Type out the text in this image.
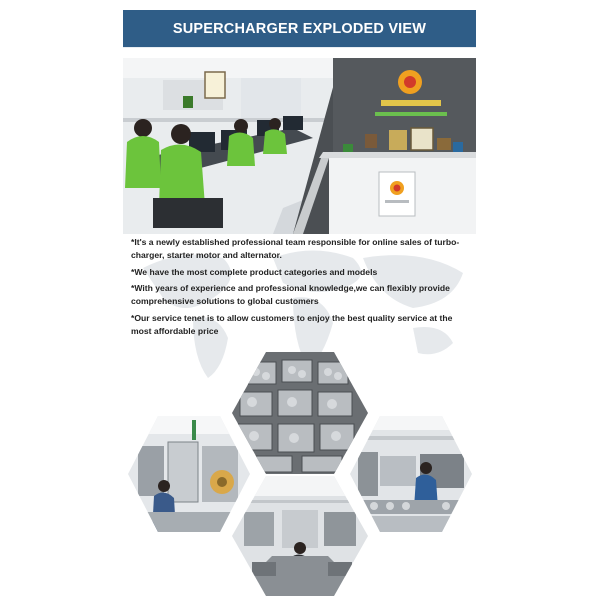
SUPERCHARGER EXPLODED VIEW

*It's a newly established professional team responsible for online sales of turbo-charger, starter motor and alternator.

*We have the most complete product categories and models

*With years of experience and professional knowledge,we can flexibly provide comprehensive solutions to global customers

*Our service tenet is to allow customers to enjoy the best quality service at the most affordable price
